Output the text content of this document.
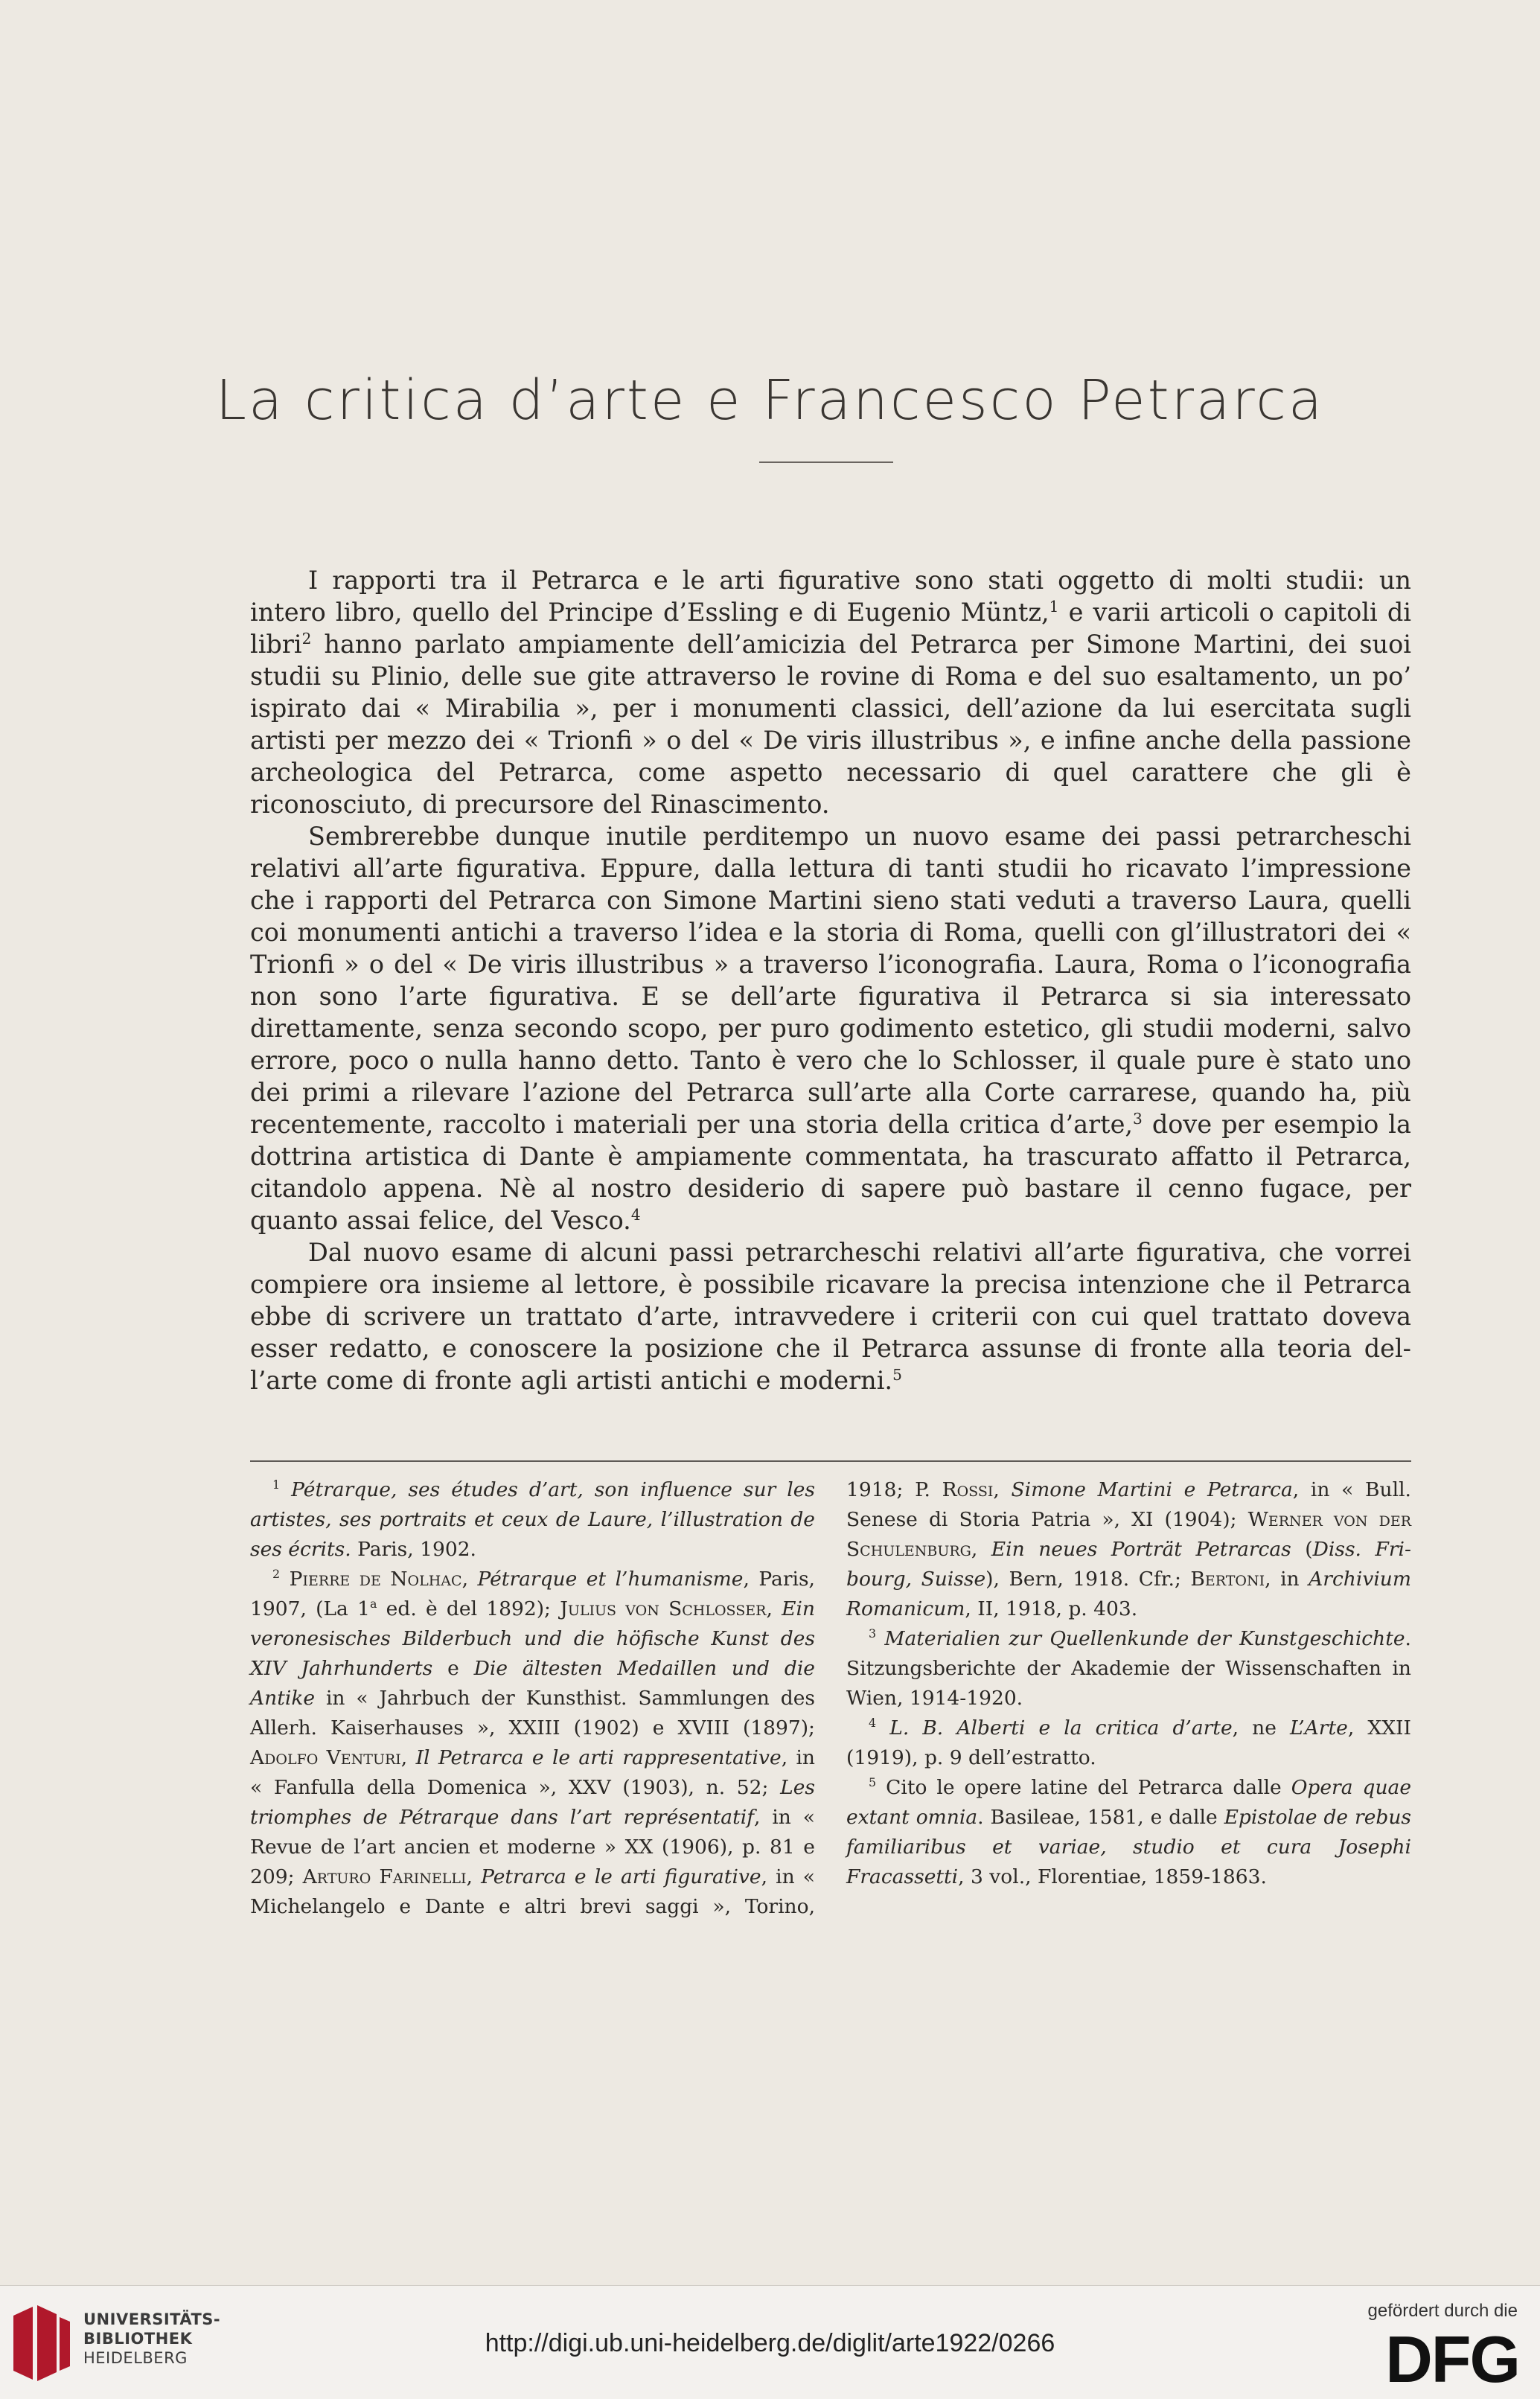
La critica d’arte e Francesco Petrarca

I rapporti tra il Petrarca e le arti figurative sono stati oggetto di molti studii: un intero libro, quello del Principe d’Essling e di Eugenio Müntz,$^1$ e varii articoli o capitoli di libri$^2$ hanno parlato ampiamente dell’amicizia del Petrarca per Simone Martini, dei suoi studii su Plinio, delle sue gite attraverso le rovine di Roma e del suo esaltamento, un po’ ispirato dai « Mirabilia », per i monumenti classici, dell’azione da lui esercitata sugli artisti per mezzo dei « Trionfi » o del « De viris illustribus », e infine anche della passione archeologica del Petrarca, come aspetto necessario di quel carattere che gli è riconosciuto, di precursore del Rinascimento.

Sembrerebbe dunque inutile perditempo un nuovo esame dei passi petrarcheschi relativi all’arte figurativa. Eppure, dalla lettura di tanti studii ho ricavato l’impressione che i rapporti del Petrarca con Simone Martini sieno stati veduti a traverso Laura, quelli coi monumenti antichi a traverso l’idea e la storia di Roma, quelli con gl’illustratori dei « Trionfi » o del « De viris illustribus » a traverso l’iconografia. Laura, Roma o l’iconografia non sono l’arte figurativa. E se dell’arte figurativa il Petrarca si sia interessato direttamente, senza secondo scopo, per puro godimento estetico, gli studii moderni, salvo errore, poco o nulla hanno detto. Tanto è vero che lo Schlosser, il quale pure è stato uno dei primi a rilevare l’azione del Petrarca sull’arte alla Corte carrarese, quando ha, più recentemente, raccolto i materiali per una storia della critica d’arte,$^3$ dove per esempio la dottrina artistica di Dante è ampiamente commentata, ha trascurato affatto il Petrarca, citandolo appena. Nè al nostro desiderio di sapere può bastare il cenno fugace, per quanto assai felice, del Vesco.$^4$

Dal nuovo esame di alcuni passi petrarcheschi relativi all’arte figurativa, che vorrei compiere ora insieme al lettore, è possibile ricavare la precisa intenzione che il Petrarca ebbe di scrivere un trattato d’arte, intravvedere i criterii con cui quel trattato doveva esser redatto, e conoscere la posizione che il Petrarca assunse di fronte alla teoria dell’arte come di fronte agli artisti antichi e moderni.$^5$

$^1$ Pétrarque, ses études d’art, son influence sur les artistes, ses portraits et ceux de Laure, l’illustration de ses écrits. Paris, 1902.

$^2$ Pierre de Nolhac, Pétrarque et l’humanisme, Paris, 1907, (La 1$^a$ ed. è del 1892); Julius von Schlosser, Ein veronesisches Bilderbuch und die höfische Kunst des XIV Jahrhunderts e Die ältesten Medaillen und die Antike in « Jahrbuch der Kunsthist. Sammlungen des Allerh. Kaiserhauses », XXIII (1902) e XVIII (1897); Adolfo Venturi, Il Petrarca e le arti rappresentative, in « Fanfulla della Domenica », XXV (1903), n. 52; Les triomphes de Pétrarque dans l’art représentatif, in « Revue de l’art ancien et moderne » XX (1906), p. 81 e 209; Arturo Farinelli, Petrarca e le arti figurative, in « Michelangelo e Dante e altri brevi saggi », Torino, 1918; P. Rossi, Simone Martini e Petrarca, in « Bull. Senese di Storia Patria », XI (1904); Werner von der Schulenburg, Ein neues Porträt Petrarcas (Diss. Fribourg, Suisse), Bern, 1918. Cfr.; Bertoni, in Archivium Romanicum, II, 1918, p. 403.

$^3$ Materialien zur Quellenkunde der Kunstgeschichte. Sitzungsberichte der Akademie der Wissenschaften in Wien, 1914-1920.

$^4$ L. B. Alberti e la critica d’arte, ne L’Arte, XXII (1919), p. 9 dell’estratto.

$^5$ Cito le opere latine del Petrarca dalle Opera quae extant omnia. Basileae, 1581, e dalle Epistolae de rebus familiaribus et variae, studio et cura Josephi Fracassetti, 3 vol., Florentiae, 1859-1863.

UNIVERSITÄTS-
BIBLIOTHEK
HEIDELBERG
http://digi.ub.uni-heidelberg.de/diglit/arte1922/0266
gefördert durch die
DFG
